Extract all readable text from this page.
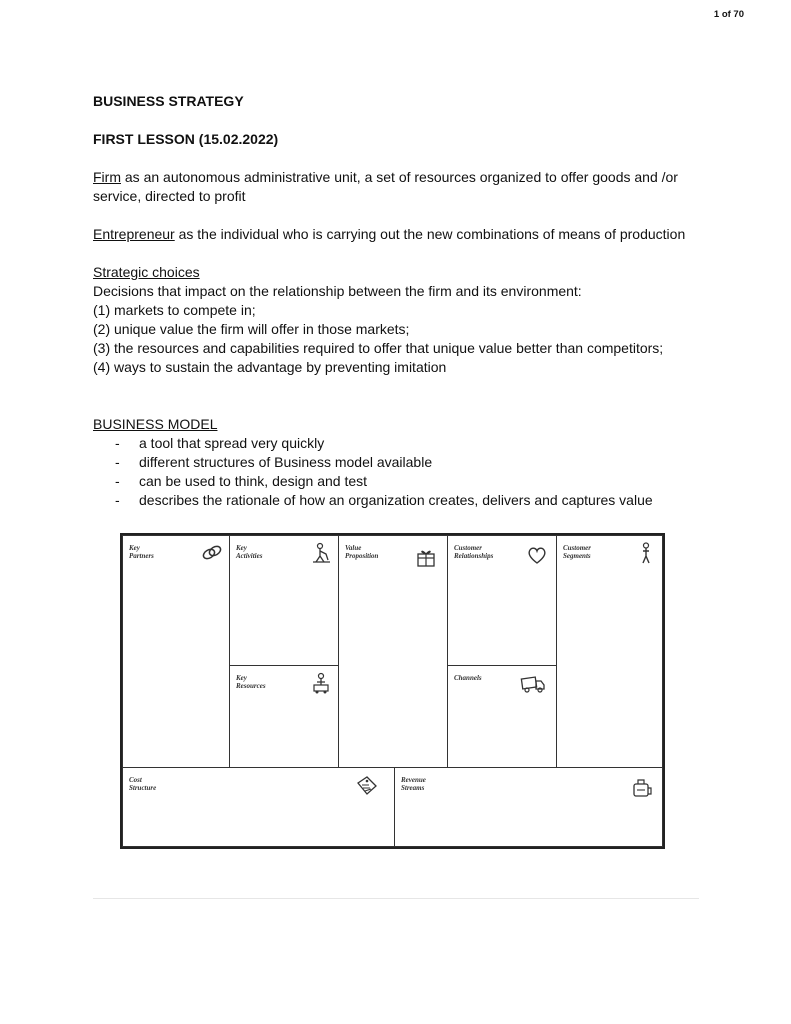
1 of 70

BUSINESS STRATEGY

FIRST LESSON (15.02.2022)

Firm as an autonomous administrative unit, a set of resources organized to offer goods and /or

service, directed to profit

Entrepreneur as the individual who is carrying out the new combinations of means of production

Strategic choices

Decisions that impact on the relationship between the firm and its environment:

(1) markets to compete in;

(2) unique value the firm will offer in those markets;

(3) the resources and capabilities required to offer that unique value better than competitors;

(4) ways to sustain the advantage by preventing imitation

BUSINESS MODEL

- a tool that spread very quickly
- different structures of Business model available
- can be used to think, design and test
- describes the rationale of how an organization creates, delivers and captures value
Key
Partners
Key
Activities
Key
Resources
Value
Proposition
Customer
Relationships
Channels
Customer
Segments
Cost
Structure
Revenue
Streams
